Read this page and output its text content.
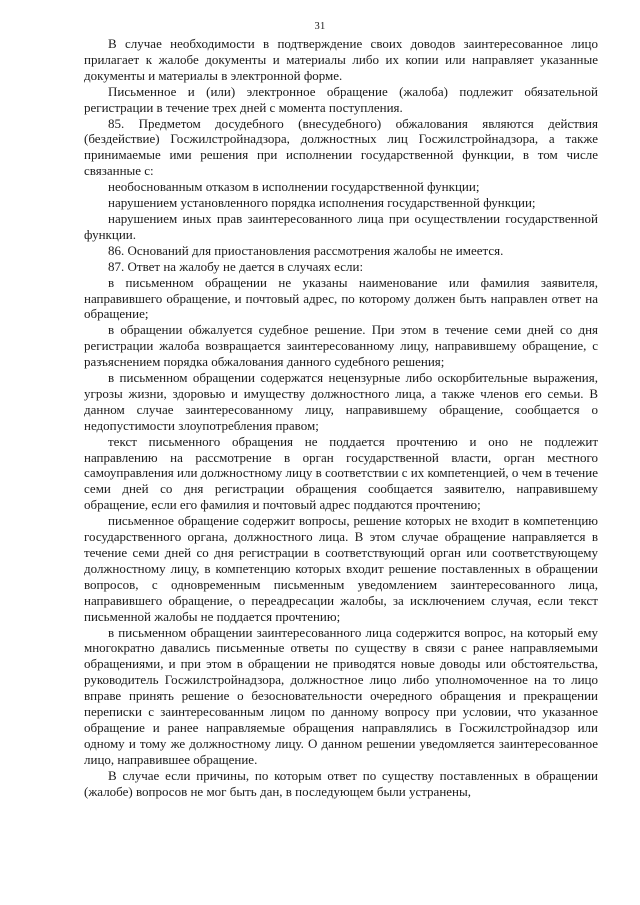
31

В случае необходимости в подтверждение своих доводов заинтересованное лицо прилагает к жалобе документы и материалы либо их копии или направляет указанные документы и материалы в электронной форме.

Письменное и (или) электронное обращение (жалоба) подлежит обязательной регистрации в течение трех дней с момента поступления.

85. Предметом досудебного (внесудебного) обжалования являются действия (бездействие) Госжилстройнадзора, должностных лиц Госжилстройнадзора, а также принимаемые ими решения при исполнении государственной функции, в том числе связанные с:

необоснованным отказом в исполнении государственной функции;

нарушением установленного порядка исполнения государственной функции;

нарушением иных прав заинтересованного лица при осуществлении государственной функции.

86. Оснований для приостановления рассмотрения жалобы не имеется.

87. Ответ на жалобу не дается в случаях если:

в письменном обращении не указаны наименование или фамилия заявителя, направившего обращение, и почтовый адрес, по которому должен быть направлен ответ на обращение;

в обращении обжалуется судебное решение. При этом в течение семи дней со дня регистрации жалоба возвращается заинтересованному лицу, направившему обращение, с разъяснением порядка обжалования данного судебного решения;

в письменном обращении содержатся нецензурные либо оскорбительные выражения, угрозы жизни, здоровью и имуществу должностного лица, а также членов его семьи. В данном случае заинтересованному лицу, направившему обращение, сообщается о недопустимости злоупотребления правом;

текст письменного обращения не поддается прочтению и оно не подлежит направлению на рассмотрение в орган государственной власти, орган местного самоуправления или должностному лицу в соответствии с их компетенцией, о чем в течение семи дней со дня регистрации обращения сообщается заявителю, направившему обращение, если его фамилия и почтовый адрес поддаются прочтению;

письменное обращение содержит вопросы, решение которых не входит в компетенцию государственного органа, должностного лица. В этом случае обращение направляется в течение семи дней со дня регистрации в соответствующий орган или соответствующему должностному лицу, в компетенцию которых входит решение поставленных в обращении вопросов, с одновременным письменным уведомлением заинтересованного лица, направившего обращение, о переадресации жалобы, за исключением случая, если текст письменной жалобы не поддается прочтению;

в письменном обращении заинтересованного лица содержится вопрос, на который ему многократно давались письменные ответы по существу в связи с ранее направляемыми обращениями, и при этом в обращении не приводятся новые доводы или обстоятельства, руководитель Госжилстройнадзора, должностное лицо либо уполномоченное на то лицо вправе принять решение о безосновательности очередного обращения и прекращении переписки с заинтересованным лицом по данному вопросу при условии, что указанное обращение и ранее направляемые обращения направлялись в Госжилстройнадзор или одному и тому же должностному лицу. О данном решении уведомляется заинтересованное лицо, направившее обращение.

В случае если причины, по которым ответ по существу поставленных в обращении (жалобе) вопросов не мог быть дан, в последующем были устранены,
